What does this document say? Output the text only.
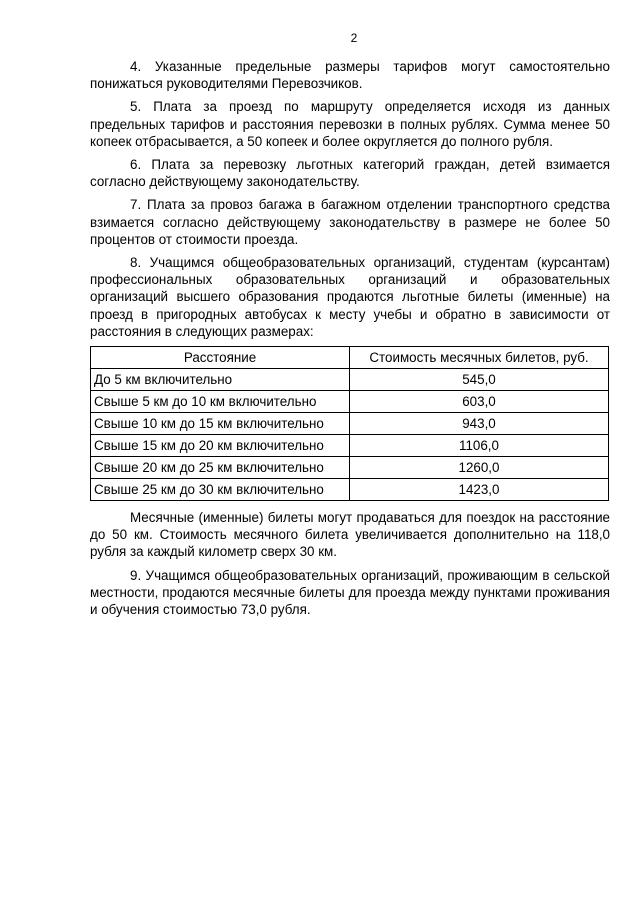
2

4. Указанные предельные размеры тарифов могут самостоятельно понижаться руководителями Перевозчиков.

5. Плата за проезд по маршруту определяется исходя из данных предельных тарифов и расстояния перевозки в полных рублях. Сумма менее 50 копеек отбрасывается, а 50 копеек и более округляется до полного рубля.

6. Плата за перевозку льготных категорий граждан, детей взимается согласно действующему законодательству.

7. Плата за провоз багажа в багажном отделении транспортного средства взимается согласно действующему законодательству в размере не более 50 процентов от стоимости проезда.

8. Учащимся общеобразовательных организаций, студентам (курсантам) профессиональных образовательных организаций и образовательных организаций высшего образования продаются льготные билеты (именные) на проезд в пригородных автобусах к месту учебы и обратно в зависимости от расстояния в следующих размерах:

Расстояние	Стоимость месячных билетов, руб.
До 5 км включительно	545,0
Свыше 5 км до 10 км включительно	603,0
Свыше 10 км до 15 км включительно	943,0
Свыше 15 км до 20 км включительно	1106,0
Свыше 20 км до 25 км включительно	1260,0
Свыше 25 км до 30 км включительно	1423,0

Месячные (именные) билеты могут продаваться для поездок на расстояние до 50 км. Стоимость месячного билета увеличивается дополнительно на 118,0 рубля за каждый километр сверх 30 км.

9. Учащимся общеобразовательных организаций, проживающим в сельской местности, продаются месячные билеты для проезда между пунктами проживания и обучения стоимостью 73,0 рубля.
